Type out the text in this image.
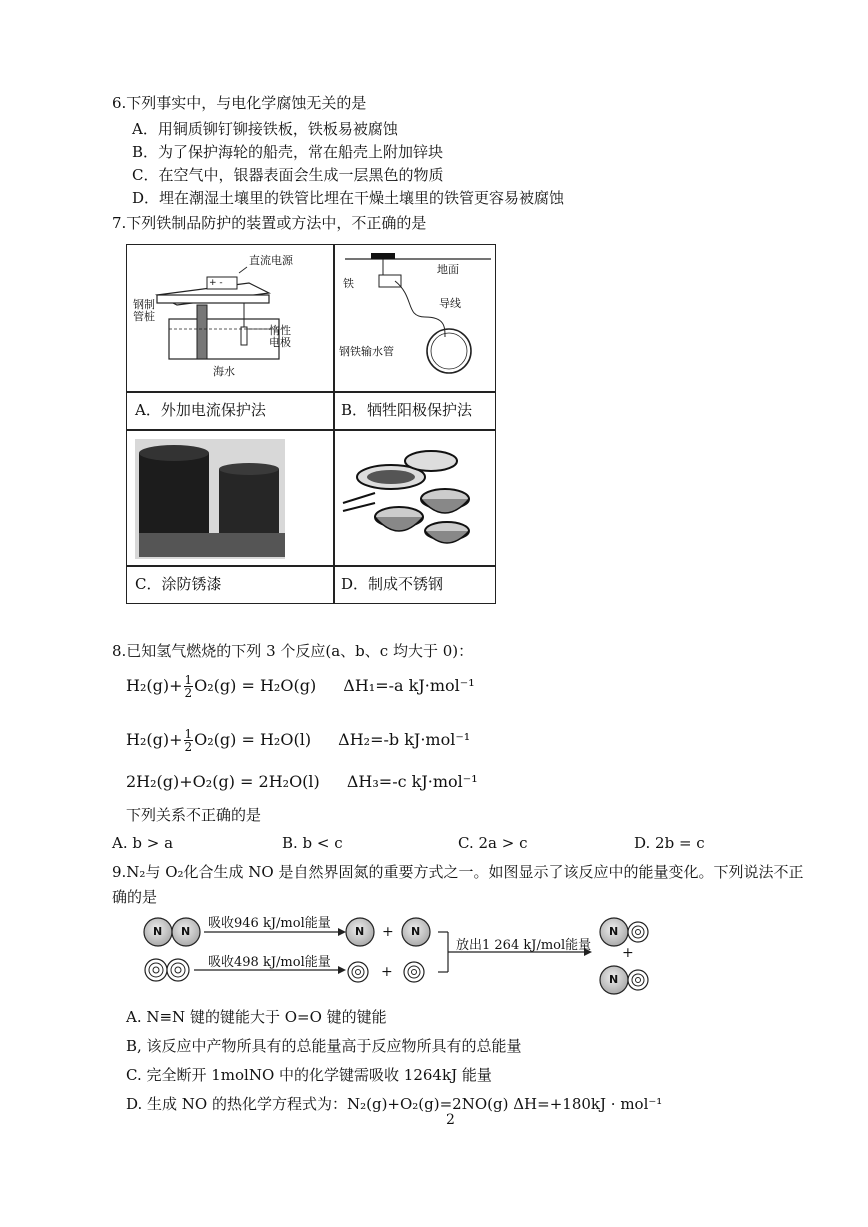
6.下列事实中，与电化学腐蚀无关的是
A．用铜质铆钉铆接铁板，铁板易被腐蚀
B．为了保护海轮的船壳，常在船壳上附加锌块
C．在空气中，银器表面会生成一层黑色的物质
D．埋在潮湿土壤里的铁管比埋在干燥土壤里的铁管更容易被腐蚀
7.下列铁制品防护的装置或方法中，不正确的是
直流电源
+ -
钢制管桩
惰性电极
海水
地面
铁
导线
钢铁输水管
A．外加电流保护法	B．牺牲阳极保护法
C．涂防锈漆	D．制成不锈钢
8.已知氢气燃烧的下列 3 个反应(a、b、c 均大于 0)：
$H_2(g)+ \frac{1}{2} O_2(g) = H_2O(g)$ ΔH₁=-a kJ·mol⁻¹
$H_2(g)+ \frac{1}{2} O_2(g) = H_2O(l)$ ΔH₂=-b kJ·mol⁻¹
2H₂(g)+O₂(g) = 2H₂O(l) ΔH₃=-c kJ·mol⁻¹
下列关系不正确的是
A. b > a	B. b < c	C. 2a > c	D. 2b = c
9.N₂与 O₂化合生成 NO 是自然界固氮的重要方式之一。如图显示了该反应中的能量变化。下列说法不正
确的是
N N	N	N	N
N
+
+
+
吸收946 kJ/mol能量
吸收498 kJ/mol能量
放出1 264 kJ/mol能量
A. N≡N 键的键能大于 O=O 键的键能
B, 该反应中产物所具有的总能量高于反应物所具有的总能量
C. 完全断开 1molNO 中的化学键需吸收 1264kJ 能量
D. 生成 NO 的热化学方程式为：N₂(g)+O₂(g)=2NO(g) ΔH=+180kJ · mol⁻¹
2
